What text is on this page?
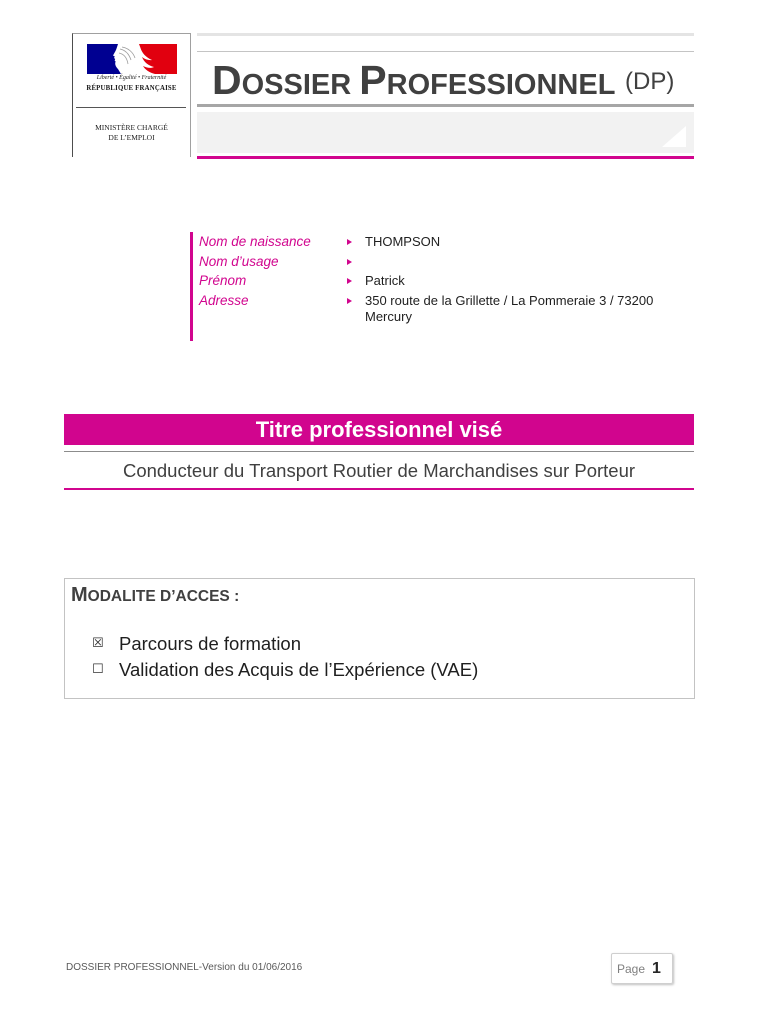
Liberté • Égalité • Fraternité
RÉPUBLIQUE FRANÇAISE
MINISTÈRE CHARGÉ
DE L’EMPLOI
DOSSIER PROFESSIONNEL (DP)
Nom de naissance	THOMPSON
Nom d’usage
Prénom	Patrick
Adresse	350 route de la Grillette / La Pommeraie 3 / 73200 Mercury
Titre professionnel visé
Conducteur du Transport Routier de Marchandises sur Porteur
MODALITE D’ACCES :
☒ Parcours de formation
☐ Validation des Acquis de l’Expérience (VAE)
DOSSIER PROFESSIONNEL-Version du 01/06/2016	Page 1
